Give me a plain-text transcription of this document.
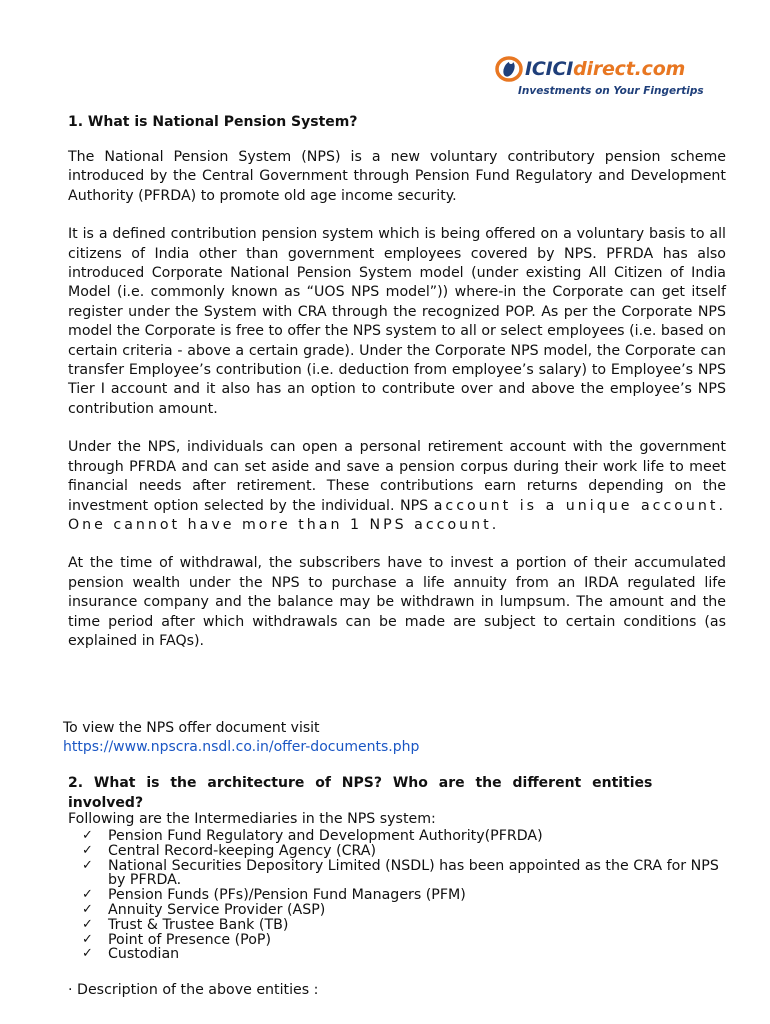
ICICIdirect.com
Investments on Your Fingertips
1. What is National Pension System?

The National Pension System (NPS) is a new voluntary contributory pension scheme introduced by the Central Government through Pension Fund Regulatory and Development Authority (PFRDA) to promote old age income security.

It is a defined contribution pension system which is being offered on a voluntary basis to all citizens of India other than government employees covered by NPS. PFRDA has also introduced Corporate National Pension System model (under existing All Citizen of India Model (i.e. commonly known as “UOS NPS model”)) where-in the Corporate can get itself register under the System with CRA through the recognized POP. As per the Corporate NPS model the Corporate is free to offer the NPS system to all or select employees (i.e. based on certain criteria - above a certain grade). Under the Corporate NPS model, the Corporate can transfer Employee’s contribution (i.e. deduction from employee’s salary) to Employee’s NPS Tier I account and it also has an option to contribute over and above the employee’s NPS contribution amount.

Under the NPS, individuals can open a personal retirement account with the government through PFRDA and can set aside and save a pension corpus during their work life to meet financial needs after retirement. These contributions earn returns depending on the investment option selected by the individual. NPS account is a unique account. One cannot have more than 1 NPS account.

At the time of withdrawal, the subscribers have to invest a portion of their accumulated pension wealth under the NPS to purchase a life annuity from an IRDA regulated life insurance company and the balance may be withdrawn in lumpsum. The amount and the time period after which withdrawals can be made are subject to certain conditions (as explained in FAQs).

To view the NPS offer document visit
https://www.npscra.nsdl.co.in/offer-documents.php
2. What is the architecture of NPS? Who are the different entities involved?
Following are the Intermediaries in the NPS system:
✓ Pension Fund Regulatory and Development Authority(PFRDA)
✓ Central Record-keeping Agency (CRA)
✓ National Securities Depository Limited (NSDL) has been appointed as the CRA for NPS by PFRDA.
✓ Pension Funds (PFs)/Pension Fund Managers (PFM)
✓ Annuity Service Provider (ASP)
✓ Trust & Trustee Bank (TB)
✓ Point of Presence (PoP)
✓ Custodian
· Description of the above entities :
